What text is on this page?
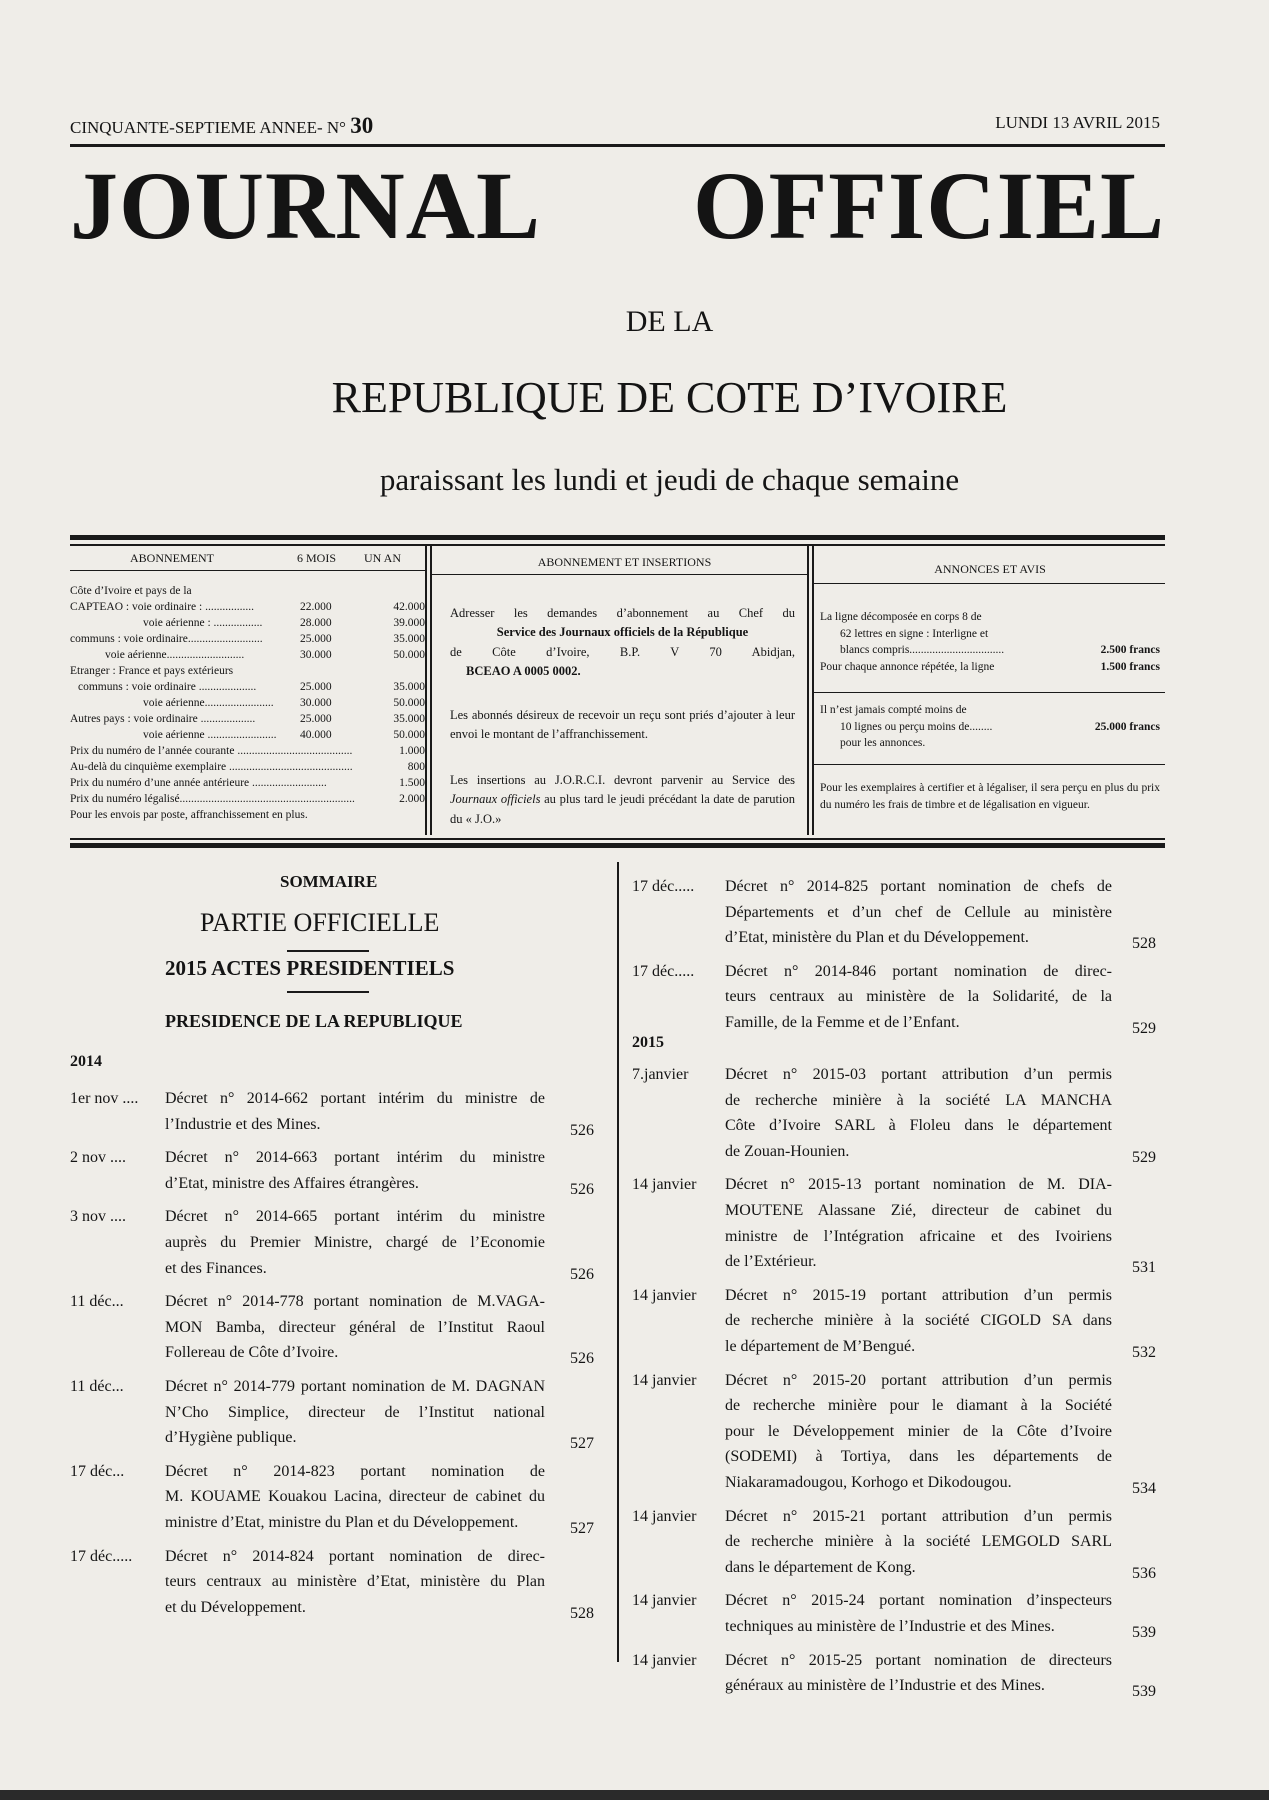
CINQUANTE-SEPTIEME ANNEE- N° 30	LUNDI 13 AVRIL 2015
JOURNAL OFFICIEL
DE LA
REPUBLIQUE DE COTE D’IVOIRE
paraissant les lundi et jeudi de chaque semaine
ABONNEMENT	6 MOIS UN AN
Côte d’Ivoire et pays de la
CAPTEAO : voie ordinaire : .................	22.000	42.000
voie aérienne : .................	28.000	39.000
communs : voie ordinaire..........................	25.000	35.000
voie aérienne...........................	30.000	50.000
Etranger : France et pays extérieurs
communs : voie ordinaire ....................	25.000	35.000
voie aérienne........................ 30.000	50.000
Autres pays : voie ordinaire ...................	25.000	35.000
voie aérienne ........................ 40.000	50.000
Prix du numéro de l’année courante ........................................	1.000
Au-delà du cinquième exemplaire ...........................................	800
Prix du numéro d’une année antérieure ..........................	1.500
Prix du numéro légalisé.............................................................	2.000
Pour les envois par poste, affranchissement en plus.
ABONNEMENT ET INSERTIONS
Adresser les demandes d’abonnement au Chef du
Service des Journaux officiels de la République
de Côte d’Ivoire, B.P. V 70 Abidjan,
BCEAO A 0005 0002.
Les abonnés désireux de recevoir un reçu sont priés d’ajouter à leur envoi le montant de l’affranchissement.
Les insertions au J.O.R.C.I. devront parvenir au Service des Journaux officiels au plus tard le jeudi précédant la date de parution du « J.O.»
ANNONCES ET AVIS
La ligne décomposée en corps 8 de
62 lettres en signe : Interligne et
blancs compris.................................	2.500 francs
Pour chaque annonce répétée, la ligne	1.500 francs
Il n’est jamais compté moins de
10 lignes ou perçu moins de........	25.000 francs
pour les annonces.
Pour les exemplaires à certifier et à légaliser, il sera perçu en plus du prix du numéro les frais de timbre et de légalisation en vigueur.
SOMMAIRE
PARTIE OFFICIELLE
2015 ACTES PRESIDENTIELS
PRESIDENCE DE LA REPUBLIQUE
2014
1er nov .... Décret n° 2014-662 portant intérim du ministre de
l’Industrie et des Mines.	526
2 nov .... Décret n° 2014-663 portant intérim du ministre
d’Etat, ministre des Affaires étrangères.	526
3 nov .... Décret n° 2014-665 portant intérim du ministre
auprès du Premier Ministre, chargé de l’Economie
et des Finances.	526
11 déc...	Décret n° 2014-778 portant nomination de M.VAGA-
MON Bamba, directeur général de l’Institut Raoul
Follereau de Côte d’Ivoire.	526
11 déc...	Décret n° 2014-779 portant nomination de M. DAGNAN
N’Cho Simplice, directeur de l’Institut national
d’Hygiène publique.	527
17 déc...	Décret n° 2014-823 portant nomination de
M. KOUAME Kouakou Lacina, directeur de cabinet du
ministre d’Etat, ministre du Plan et du Développement.	527
17 déc..... Décret n° 2014-824 portant nomination de direc-
teurs centraux au ministère d’Etat, ministère du Plan
et du Développement.	528
17 déc..... Décret n° 2014-825 portant nomination de chefs de
Départements et d’un chef de Cellule au ministère
d’Etat, ministère du Plan et du Développement.	528
17 déc..... Décret n° 2014-846 portant nomination de direc-
teurs centraux au ministère de la Solidarité, de la
Famille, de la Femme et de l’Enfant.	529
7.janvier Décret n° 2015-03 portant attribution d’un permis
de recherche minière à la société LA MANCHA
Côte d’Ivoire SARL à Floleu dans le département
de Zouan-Hounien.	529
14 janvier Décret n° 2015-13 portant nomination de M. DIA-
MOUTENE Alassane Zié, directeur de cabinet du
ministre de l’Intégration africaine et des Ivoiriens
de l’Extérieur.	531
14 janvier Décret n° 2015-19 portant attribution d’un permis
de recherche minière à la société CIGOLD SA dans
le département de M’Bengué.	532
14 janvier Décret n° 2015-20 portant attribution d’un permis
de recherche minière pour le diamant à la Société
pour le Développement minier de la Côte d’Ivoire
(SODEMI) à Tortiya, dans les départements de
Niakaramadougou, Korhogo et Dikodougou.	534
14 janvier Décret n° 2015-21 portant attribution d’un permis
de recherche minière à la société LEMGOLD SARL
dans le département de Kong.	536
14 janvier Décret n° 2015-24 portant nomination d’inspecteurs
techniques au ministère de l’Industrie et des Mines.	539
14 janvier Décret n° 2015-25 portant nomination de directeurs
généraux au ministère de l’Industrie et des Mines.	539
2015
